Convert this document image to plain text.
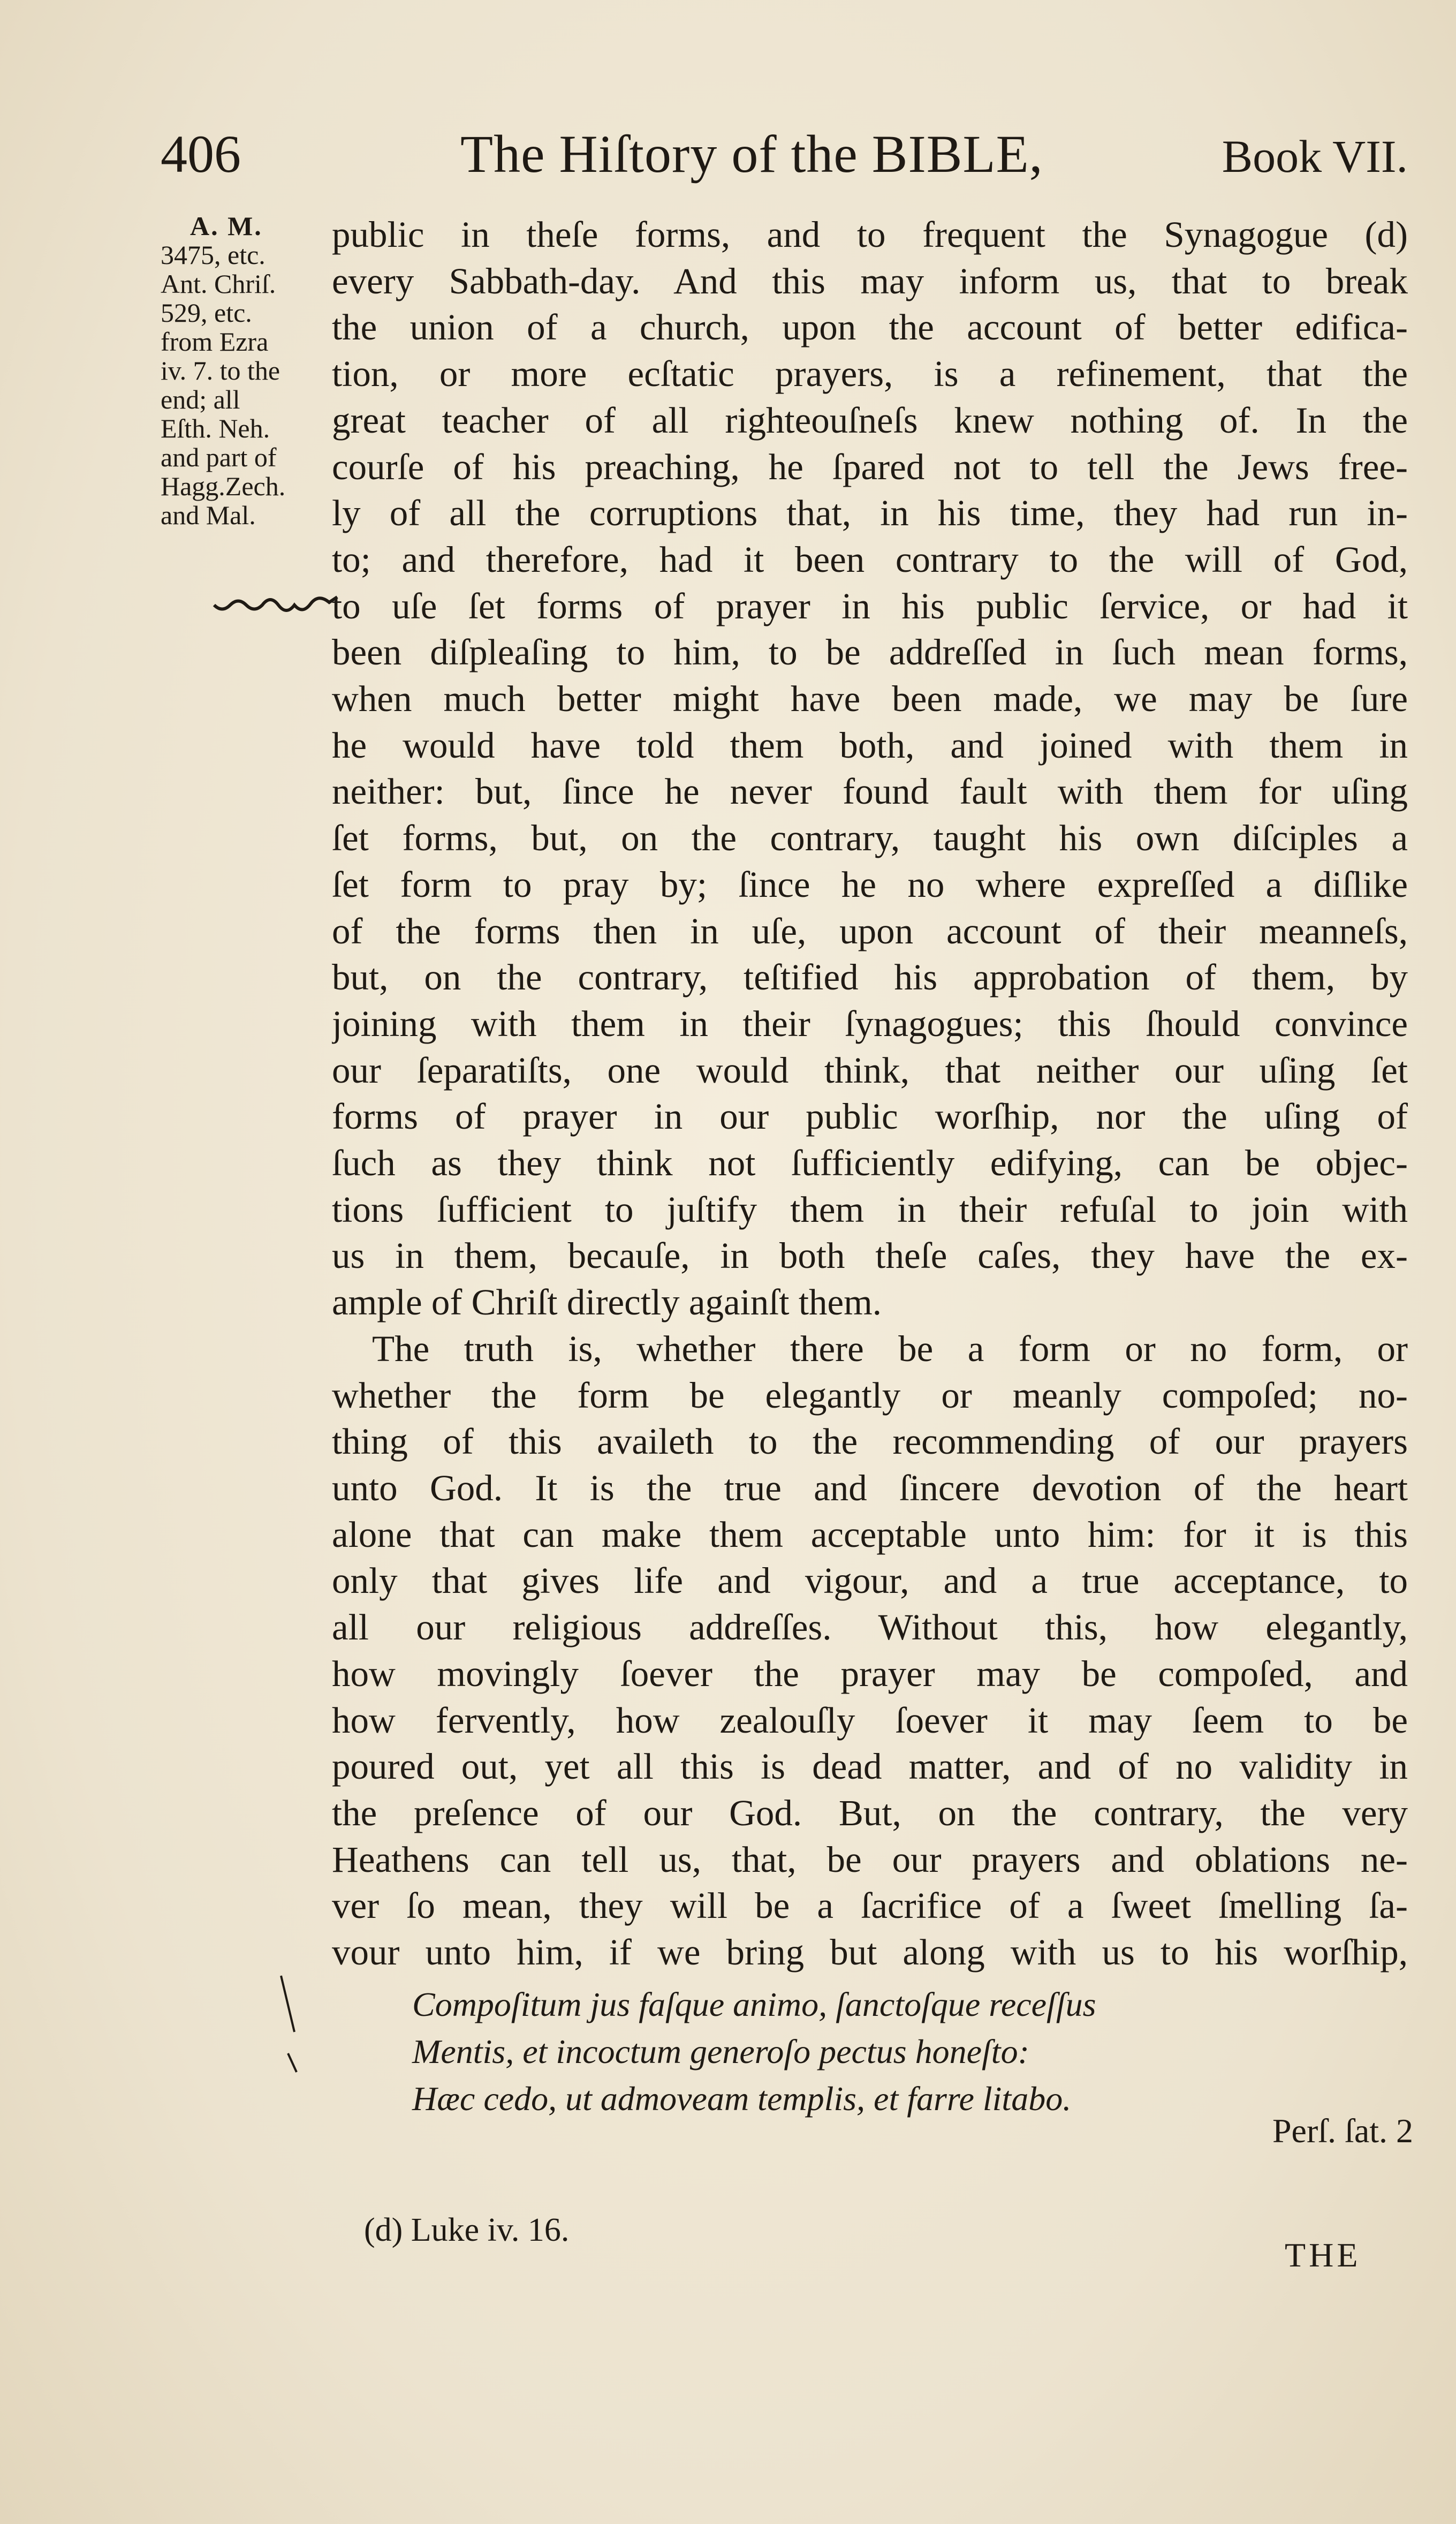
406	The Hiſtory of the BIBLE,	Book VII.
A. M.
3475, etc.
Ant. Chriſ.
529, etc.
from Ezra
iv. 7. to the
end; all
Eſth. Neh.
and part of
Hagg.Zech.
and Mal.
public in theſe forms, and to frequent the Synagogue (d)
every Sabbath-day. And this may inform us, that to break
the union of a church, upon the account of better edifica-
tion, or more ecſtatic prayers, is a refinement, that the
great teacher of all righteouſneſs knew nothing of. In the
courſe of his preaching, he ſpared not to tell the Jews free-
ly of all the corruptions that, in his time, they had run in-
to; and therefore, had it been contrary to the will of God,
to uſe ſet forms of prayer in his public ſervice, or had it
been diſpleaſing to him, to be addreſſed in ſuch mean forms,
when much better might have been made, we may be ſure
he would have told them both, and joined with them in
neither: but, ſince he never found fault with them for uſing
ſet forms, but, on the contrary, taught his own diſciples a
ſet form to pray by; ſince he no where expreſſed a diſlike
of the forms then in uſe, upon account of their meanneſs,
but, on the contrary, teſtified his approbation of them, by
joining with them in their ſynagogues; this ſhould convince
our ſeparatiſts, one would think, that neither our uſing ſet
forms of prayer in our public worſhip, nor the uſing of
ſuch as they think not ſufficiently edifying, can be objec-
tions ſufficient to juſtify them in their refuſal to join with
us in them, becauſe, in both theſe caſes, they have the ex-
ample of Chriſt directly againſt them.
The truth is, whether there be a form or no form, or
whether the form be elegantly or meanly compoſed; no-
thing of this availeth to the recommending of our prayers
unto God. It is the true and ſincere devotion of the heart
alone that can make them acceptable unto him: for it is this
only that gives life and vigour, and a true acceptance, to
all our religious addreſſes. Without this, how elegantly,
how movingly ſoever the prayer may be compoſed, and
how fervently, how zealouſly ſoever it may ſeem to be
poured out, yet all this is dead matter, and of no validity in
the preſence of our God. But, on the contrary, the very
Heathens can tell us, that, be our prayers and oblations ne-
ver ſo mean, they will be a ſacrifice of a ſweet ſmelling ſa-
vour unto him, if we bring but along with us to his worſhip,
Compoſitum jus faſque animo, ſanctoſque receſſus
Mentis, et incoctum generoſo pectus honeſto:
Hæc cedo, ut admoveam templis, et farre litabo.
Perſ. ſat. 2
(d) Luke iv. 16.
THE
